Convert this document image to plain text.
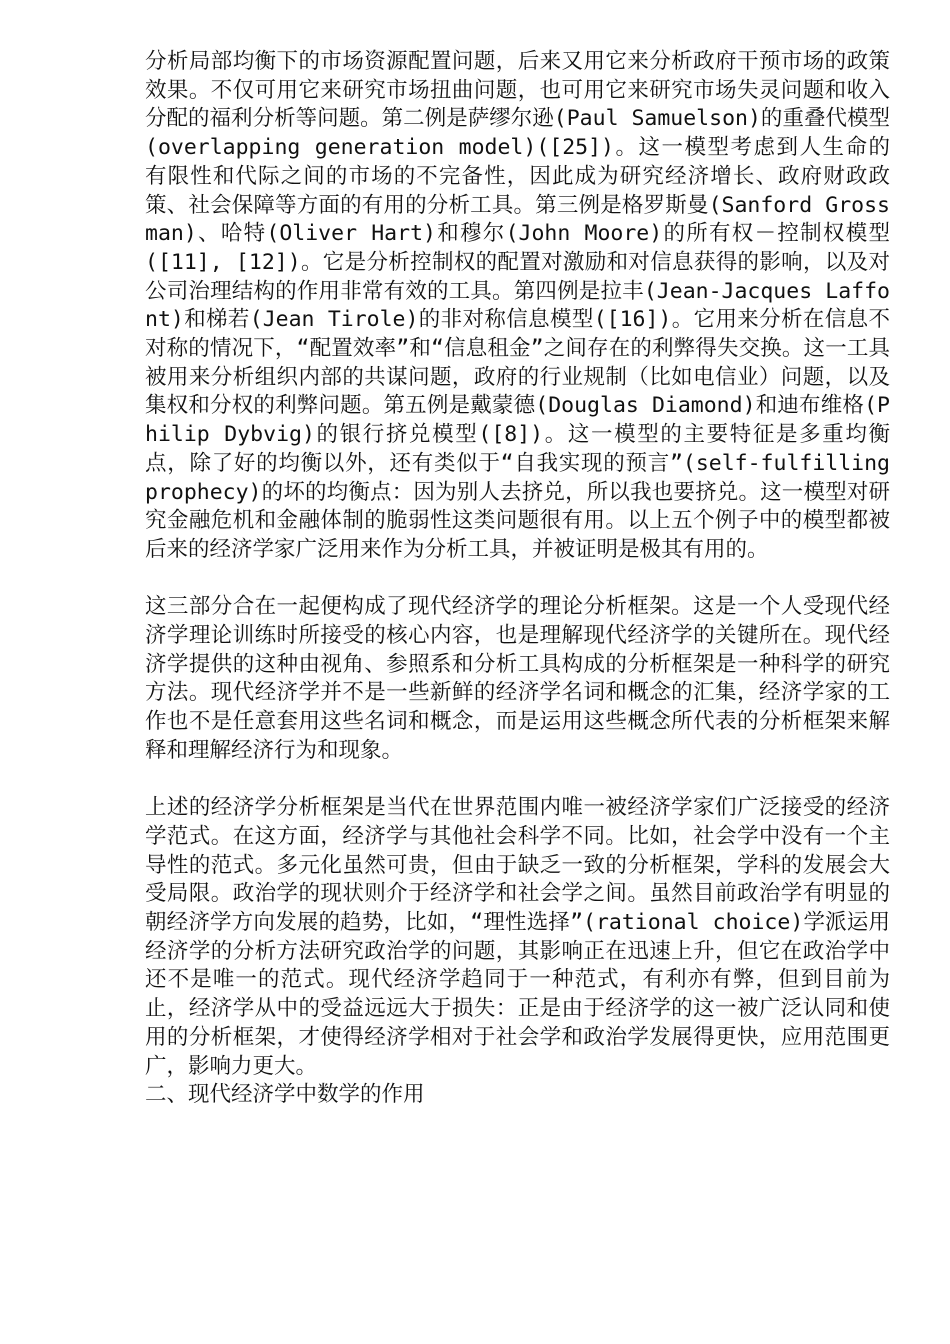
分析局部均衡下的市场资源配置问题，后来又用它来分析政府干预市场的政策效果。不仅可用它来研究市场扭曲问题，也可用它来研究市场失灵问题和收入分配的福利分析等问题。第二例是萨缪尔逊(Paul Samuelson)的重叠代模型(overlapping generation model)([25])。这一模型考虑到人生命的有限性和代际之间的市场的不完备性，因此成为研究经济增长、政府财政政策、社会保障等方面的有用的分析工具。第三例是格罗斯曼(Sanford Grossman)、哈特(Oliver Hart)和穆尔(John Moore)的所有权－控制权模型([11], [12])。它是分析控制权的配置对激励和对信息获得的影响，以及对公司治理结构的作用非常有效的工具。第四例是拉丰(Jean-Jacques Laffont)和梯若(Jean Tirole)的非对称信息模型([16])。它用来分析在信息不对称的情况下，“配置效率”和“信息租金”之间存在的利弊得失交换。这一工具被用来分析组织内部的共谋问题，政府的行业规制（比如电信业）问题，以及集权和分权的利弊问题。第五例是戴蒙德(Douglas Diamond)和迪布维格(Philip Dybvig)的银行挤兑模型([8])。这一模型的主要特征是多重均衡点，除了好的均衡以外，还有类似于“自我实现的预言”(self-fulfilling prophecy)的坏的均衡点：因为别人去挤兑，所以我也要挤兑。这一模型对研究金融危机和金融体制的脆弱性这类问题很有用。以上五个例子中的模型都被后来的经济学家广泛用来作为分析工具，并被证明是极其有用的。

这三部分合在一起便构成了现代经济学的理论分析框架。这是一个人受现代经济学理论训练时所接受的核心内容，也是理解现代经济学的关键所在。现代经济学提供的这种由视角、参照系和分析工具构成的分析框架是一种科学的研究方法。现代经济学并不是一些新鲜的经济学名词和概念的汇集，经济学家的工作也不是任意套用这些名词和概念，而是运用这些概念所代表的分析框架来解释和理解经济行为和现象。

上述的经济学分析框架是当代在世界范围内唯一被经济学家们广泛接受的经济学范式。在这方面，经济学与其他社会科学不同。比如，社会学中没有一个主导性的范式。多元化虽然可贵，但由于缺乏一致的分析框架，学科的发展会大受局限。政治学的现状则介于经济学和社会学之间。虽然目前政治学有明显的朝经济学方向发展的趋势，比如，“理性选择”(rational choice)学派运用经济学的分析方法研究政治学的问题，其影响正在迅速上升，但它在政治学中还不是唯一的范式。现代经济学趋同于一种范式，有利亦有弊，但到目前为止，经济学从中的受益远远大于损失：正是由于经济学的这一被广泛认同和使用的分析框架，才使得经济学相对于社会学和政治学发展得更快，应用范围更广，影响力更大。

二、现代经济学中数学的作用
